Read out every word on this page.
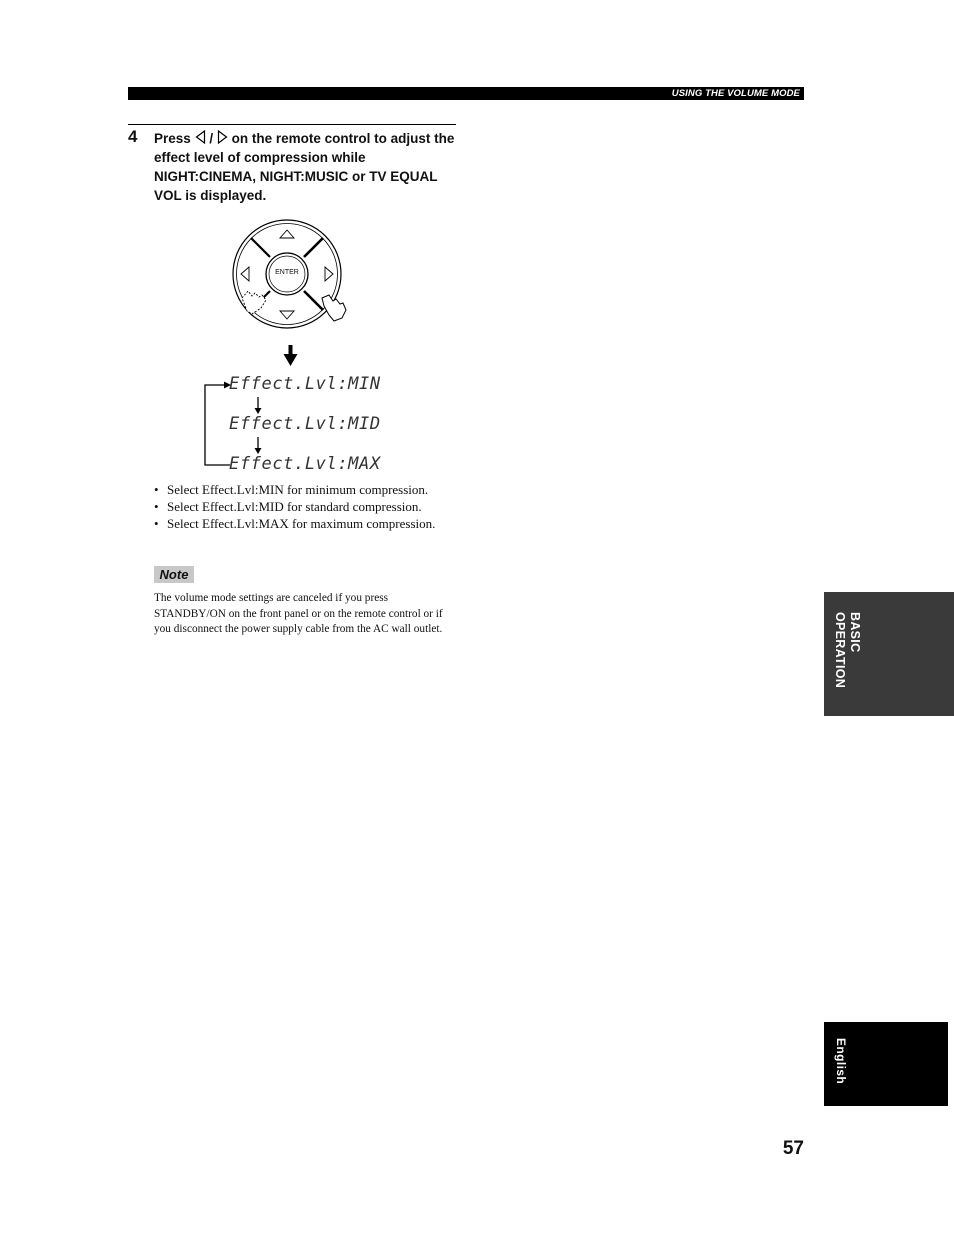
USING THE VOLUME MODE
4 Press / on the remote control to adjust the effect level of compression while NIGHT:CINEMA, NIGHT:MUSIC or TV EQUAL VOL is displayed.
ENTER
Effect.Lvl:MIN
Effect.Lvl:MID
Effect.Lvl:MAX
• Select Effect.Lvl:MIN for minimum compression.
• Select Effect.Lvl:MID for standard compression.
• Select Effect.Lvl:MAX for maximum compression.
Note
The volume mode settings are canceled if you press STANDBY/ON on the front panel or on the remote control or if you disconnect the power supply cable from the AC wall outlet.	BASIC OPERATION
English
57
